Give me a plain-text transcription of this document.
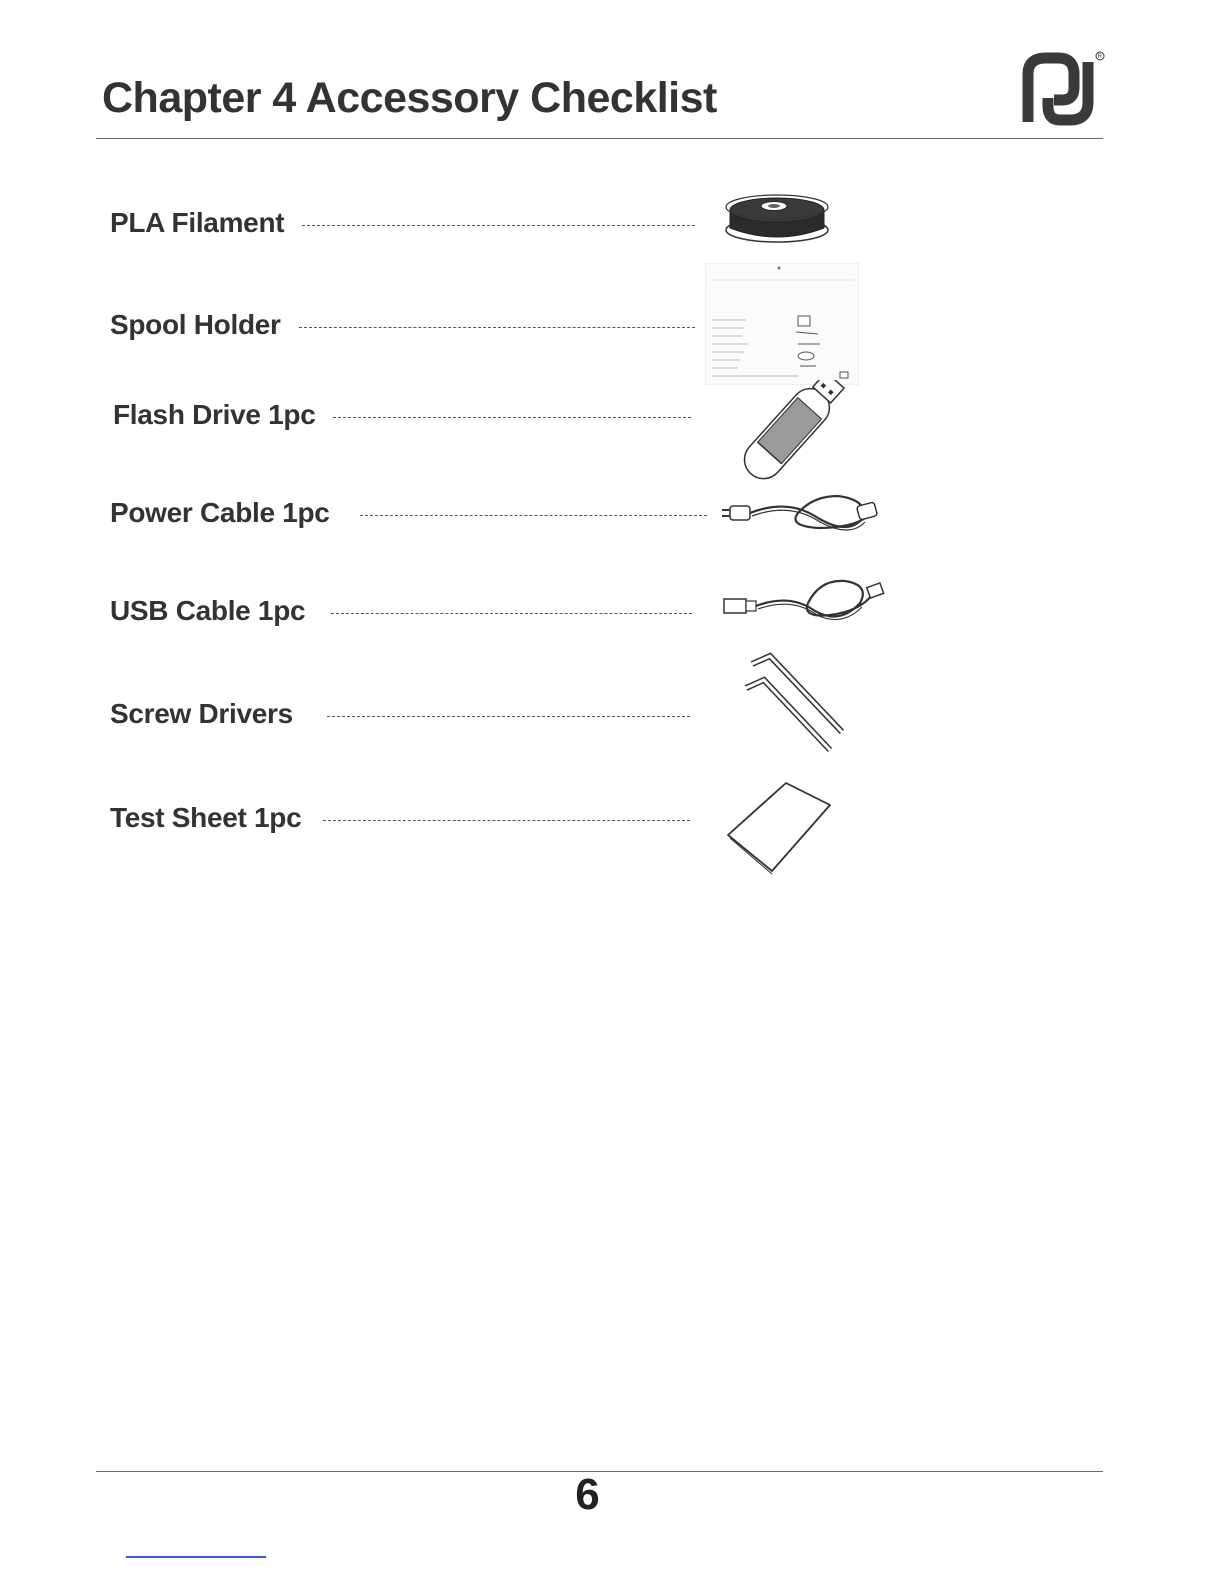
Chapter 4 Accessory Checklist
R
PLA Filament
Spool Holder
Flash Drive 1pc
Power Cable 1pc
USB Cable 1pc
Screw Drivers
Test Sheet 1pc
6
